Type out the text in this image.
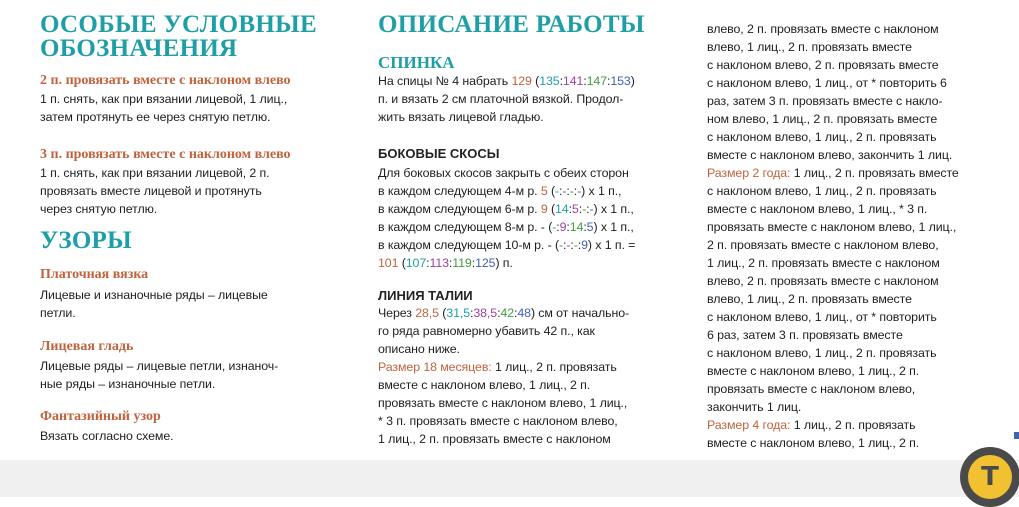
ОСОБЫЕ УСЛОВНЫЕ
ОБОЗНАЧЕНИЯ
2 п. провязать вместе с наклоном влево
1 п. снять, как при вязании лицевой, 1 лиц.,
затем протянуть ее через снятую петлю.
3 п. провязать вместе с наклоном влево
1 п. снять, как при вязании лицевой, 2 п.
провязать вместе лицевой и протянуть
через снятую петлю.
УЗОРЫ
Платочная вязка
Лицевые и изнаночные ряды – лицевые
петли.
Лицевая гладь
Лицевые ряды – лицевые петли, изнаноч-
ные ряды – изнаночные петли.
Фантазийный узор
Вязать согласно схеме.
ОПИСАНИЕ РАБОТЫ
СПИНКА
На спицы № 4 набрать 129 (135:141:147:153)
п. и вязать 2 см платочной вязкой. Продол-
жить вязать лицевой гладью.
БОКОВЫЕ СКОСЫ
Для боковых скосов закрыть с обеих сторон
в каждом следующем 4-м р. 5 (-:-:-:-) х 1 п.,
в каждом следующем 6-м р. 9 (14:5:-:-) х 1 п.,
в каждом следующем 8-м р. - (-:9:14:5) х 1 п.,
в каждом следующем 10-м р. - (-:-:-:9) х 1 п. =
101 (107:113:119:125) п.
ЛИНИЯ ТАЛИИ
Через 28,5 (31,5:38,5:42:48) см от начально-
го ряда равномерно убавить 42 п., как
описано ниже.
Размер 18 месяцев: 1 лиц., 2 п. провязать
вместе с наклоном влево, 1 лиц., 2 п.
провязать вместе с наклоном влево, 1 лиц.,
* 3 п. провязать вместе с наклоном влево,
1 лиц., 2 п. провязать вместе с наклоном
влево, 2 п. провязать вместе с наклоном
влево, 1 лиц., 2 п. провязать вместе
с наклоном влево, 2 п. провязать вместе
с наклоном влево, 1 лиц., от * повторить 6
раз, затем 3 п. провязать вместе с накло-
ном влево, 1 лиц., 2 п. провязать вместе
с наклоном влево, 1 лиц., 2 п. провязать
вместе с наклоном влево, закончить 1 лиц.
Размер 2 года: 1 лиц., 2 п. провязать вместе
с наклоном влево, 1 лиц., 2 п. провязать
вместе с наклоном влево, 1 лиц., * 3 п.
провязать вместе с наклоном влево, 1 лиц.,
2 п. провязать вместе с наклоном влево,
1 лиц., 2 п. провязать вместе с наклоном
влево, 2 п. провязать вместе с наклоном
влево, 1 лиц., 2 п. провязать вместе
с наклоном влево, 1 лиц., от * повторить
6 раз, затем 3 п. провязать вместе
с наклоном влево, 1 лиц., 2 п. провязать
вместе с наклоном влево, 1 лиц., 2 п.
провязать вместе с наклоном влево,
закончить 1 лиц.
Размер 4 года: 1 лиц., 2 п. провязать
вместе с наклоном влево, 1 лиц., 2 п.
T
